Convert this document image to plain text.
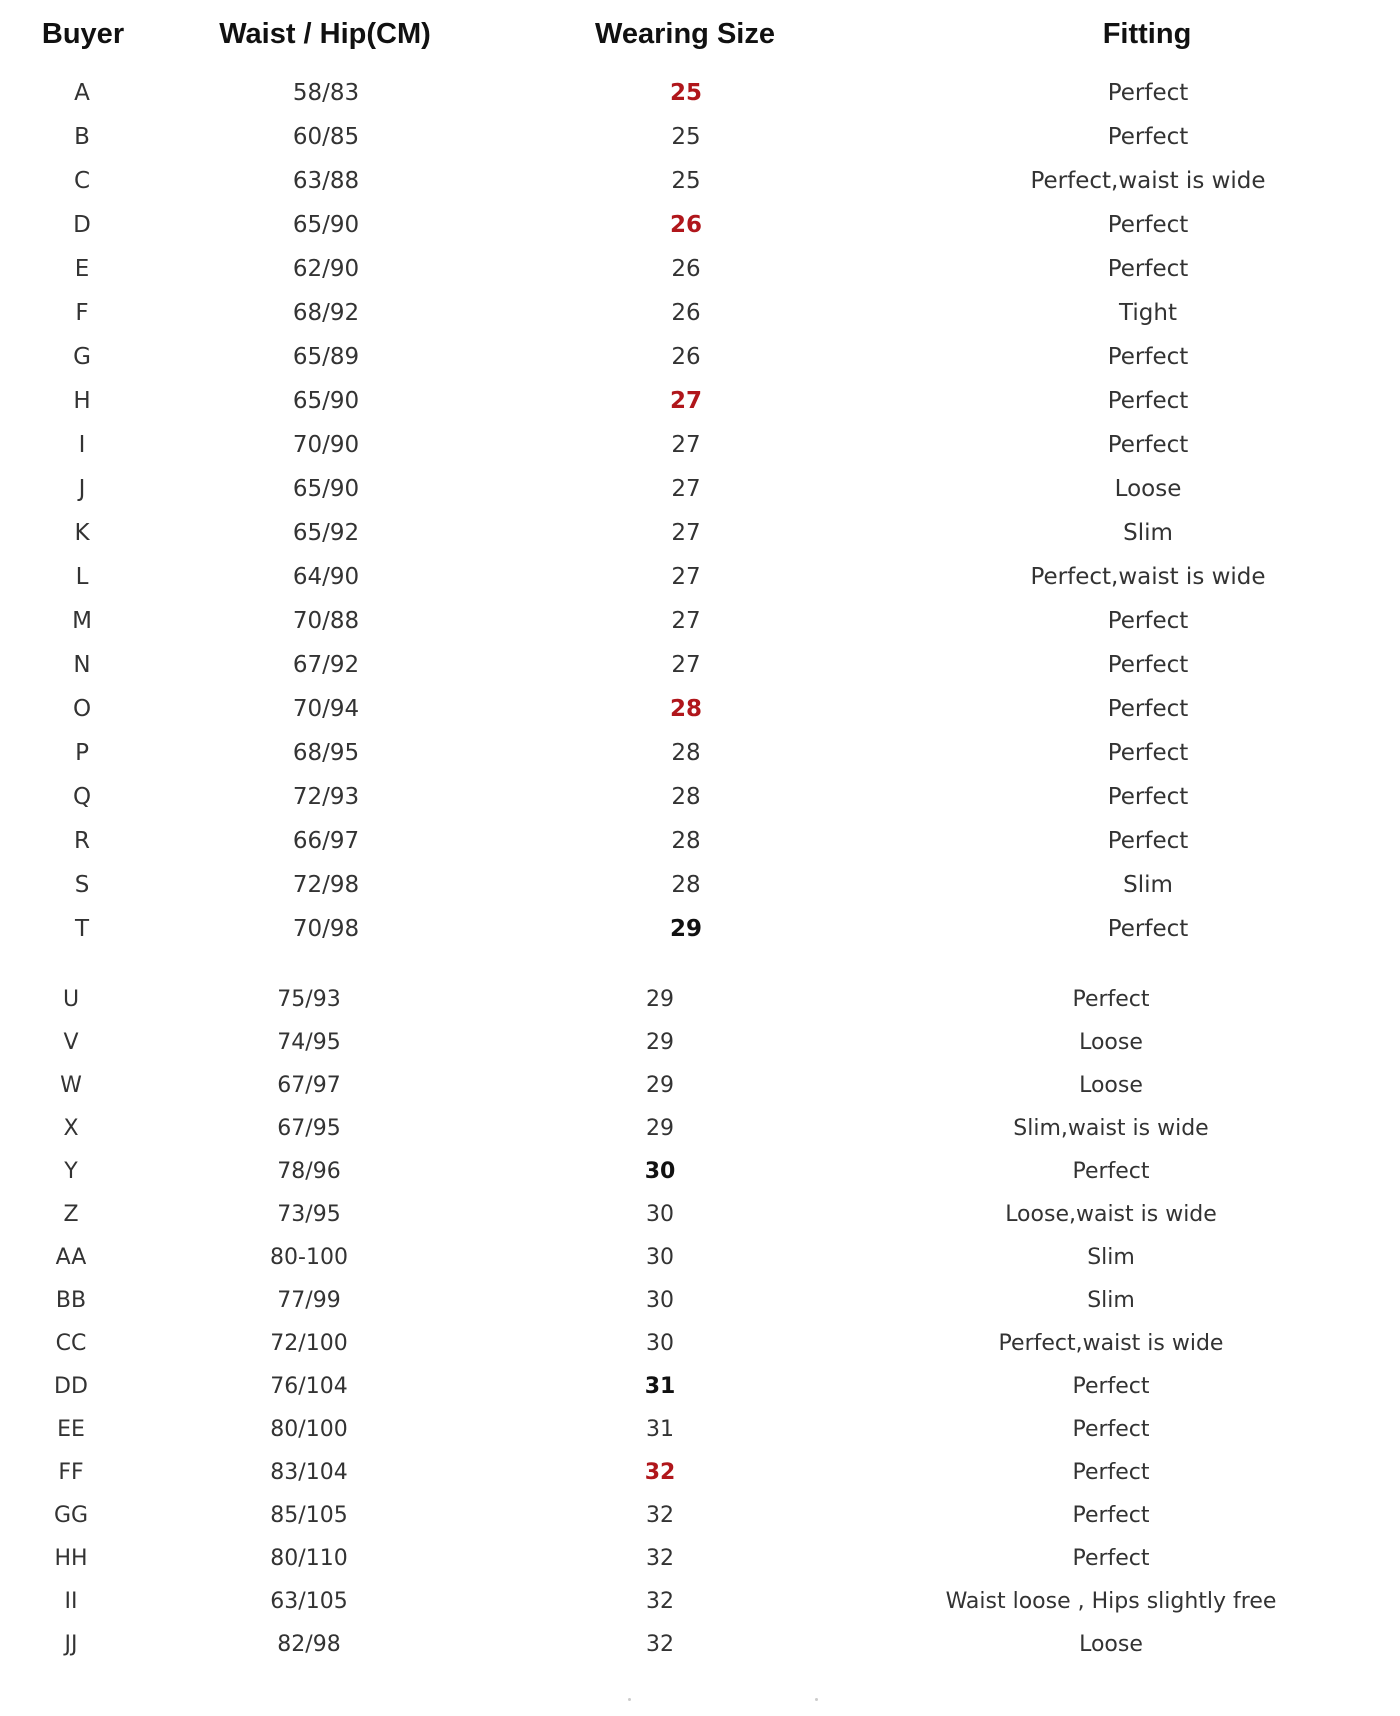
Buyer	Waist / Hip(CM)	Wearing Size	Fitting
A	58/83	25	Perfect
B	60/85	25	Perfect
C	63/88	25	Perfect,waist is wide
D	65/90	26	Perfect
E	62/90	26	Perfect
F	68/92	26	Tight
G	65/89	26	Perfect
H	65/90	27	Perfect
I	70/90	27	Perfect
J	65/90	27	Loose
K	65/92	27	Slim
L	64/90	27	Perfect,waist is wide
M	70/88	27	Perfect
N	67/92	27	Perfect
O	70/94	28	Perfect
P	68/95	28	Perfect
Q	72/93	28	Perfect
R	66/97	28	Perfect
S	72/98	28	Slim
T	70/98	29	Perfect
U	75/93	29	Perfect
V	74/95	29	Loose
W	67/97	29	Loose
X	67/95	29	Slim,waist is wide
Y	78/96	30	Perfect
Z	73/95	30	Loose,waist is wide
AA	80-100	30	Slim
BB	77/99	30	Slim
CC	72/100	30	Perfect,waist is wide
DD	76/104	31	Perfect
EE	80/100	31	Perfect
FF	83/104	32	Perfect
GG	85/105	32	Perfect
HH	80/110	32	Perfect
II	63/105	32	Waist loose , Hips slightly free
JJ	82/98	32	Loose
